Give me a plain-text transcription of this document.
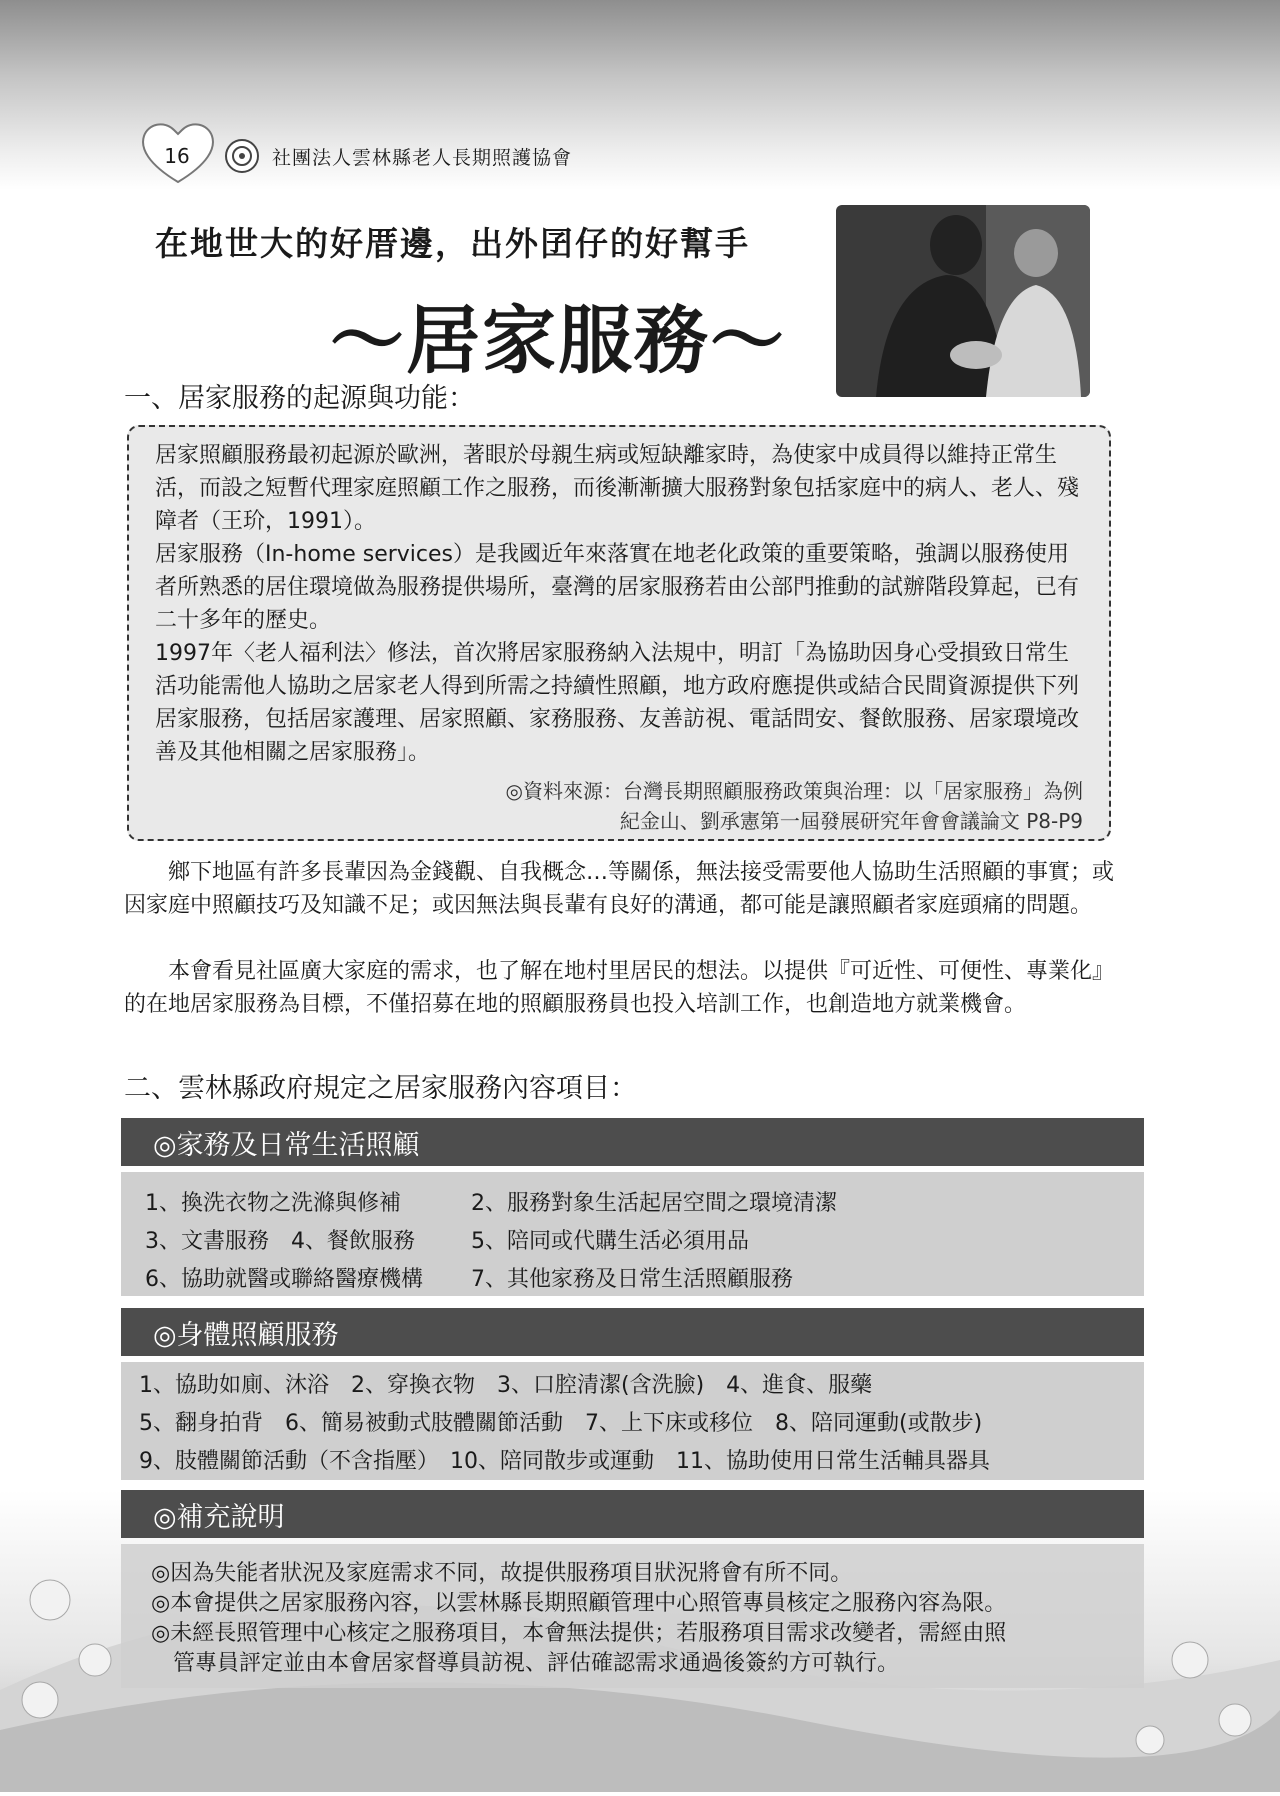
16	社團法人雲林縣老人長期照護協會
在地世大的好厝邊，出外囝仔的好幫手
～居家服務～
一、居家服務的起源與功能：

居家照顧服務最初起源於歐洲，著眼於母親生病或短缺離家時，為使家中成員得以維持正常生活，而設之短暫代理家庭照顧工作之服務，而後漸漸擴大服務對象包括家庭中的病人、老人、殘障者（王玠，1991）。

居家服務（In-home services）是我國近年來落實在地老化政策的重要策略，強調以服務使用者所熟悉的居住環境做為服務提供場所，臺灣的居家服務若由公部門推動的試辦階段算起，已有二十多年的歷史。

1997年〈老人福利法〉修法，首次將居家服務納入法規中，明訂「為協助因身心受損致日常生活功能需他人協助之居家老人得到所需之持續性照顧，地方政府應提供或結合民間資源提供下列居家服務，包括居家護理、居家照顧、家務服務、友善訪視、電話問安、餐飲服務、居家環境改善及其他相關之居家服務」。

◎資料來源：台灣長期照顧服務政策與治理：以「居家服務」為例
紀金山、劉承憲第一屆發展研究年會會議論文 P8-P9

鄉下地區有許多長輩因為金錢觀、自我概念…等關係，無法接受需要他人協助生活照顧的事實；或因家庭中照顧技巧及知識不足；或因無法與長輩有良好的溝通，都可能是讓照顧者家庭頭痛的問題。

本會看見社區廣大家庭的需求，也了解在地村里居民的想法。以提供『可近性、可便性、專業化』的在地居家服務為目標，不僅招募在地的照顧服務員也投入培訓工作，也創造地方就業機會。

二、雲林縣政府規定之居家服務內容項目：
◎家務及日常生活照顧
1、換洗衣物之洗滌與修補	2、服務對象生活起居空間之環境清潔
3、文書服務　4、餐飲服務	5、陪同或代購生活必須用品
6、協助就醫或聯絡醫療機構 7、其他家務及日常生活照顧服務
◎身體照顧服務
1、協助如廁、沐浴　2、穿換衣物　3、口腔清潔(含洗臉)　4、進食、服藥
5、翻身拍背　6、簡易被動式肢體關節活動　7、上下床或移位　8、陪同運動(或散步)
9、肢體關節活動（不含指壓）　10、陪同散步或運動　11、協助使用日常生活輔具器具
◎補充說明
◎因為失能者狀況及家庭需求不同，故提供服務項目狀況將會有所不同。
◎本會提供之居家服務內容，以雲林縣長期照顧管理中心照管專員核定之服務內容為限。
◎未經長照管理中心核定之服務項目，本會無法提供；若服務項目需求改變者，需經由照
管專員評定並由本會居家督導員訪視、評估確認需求通過後簽約方可執行。
